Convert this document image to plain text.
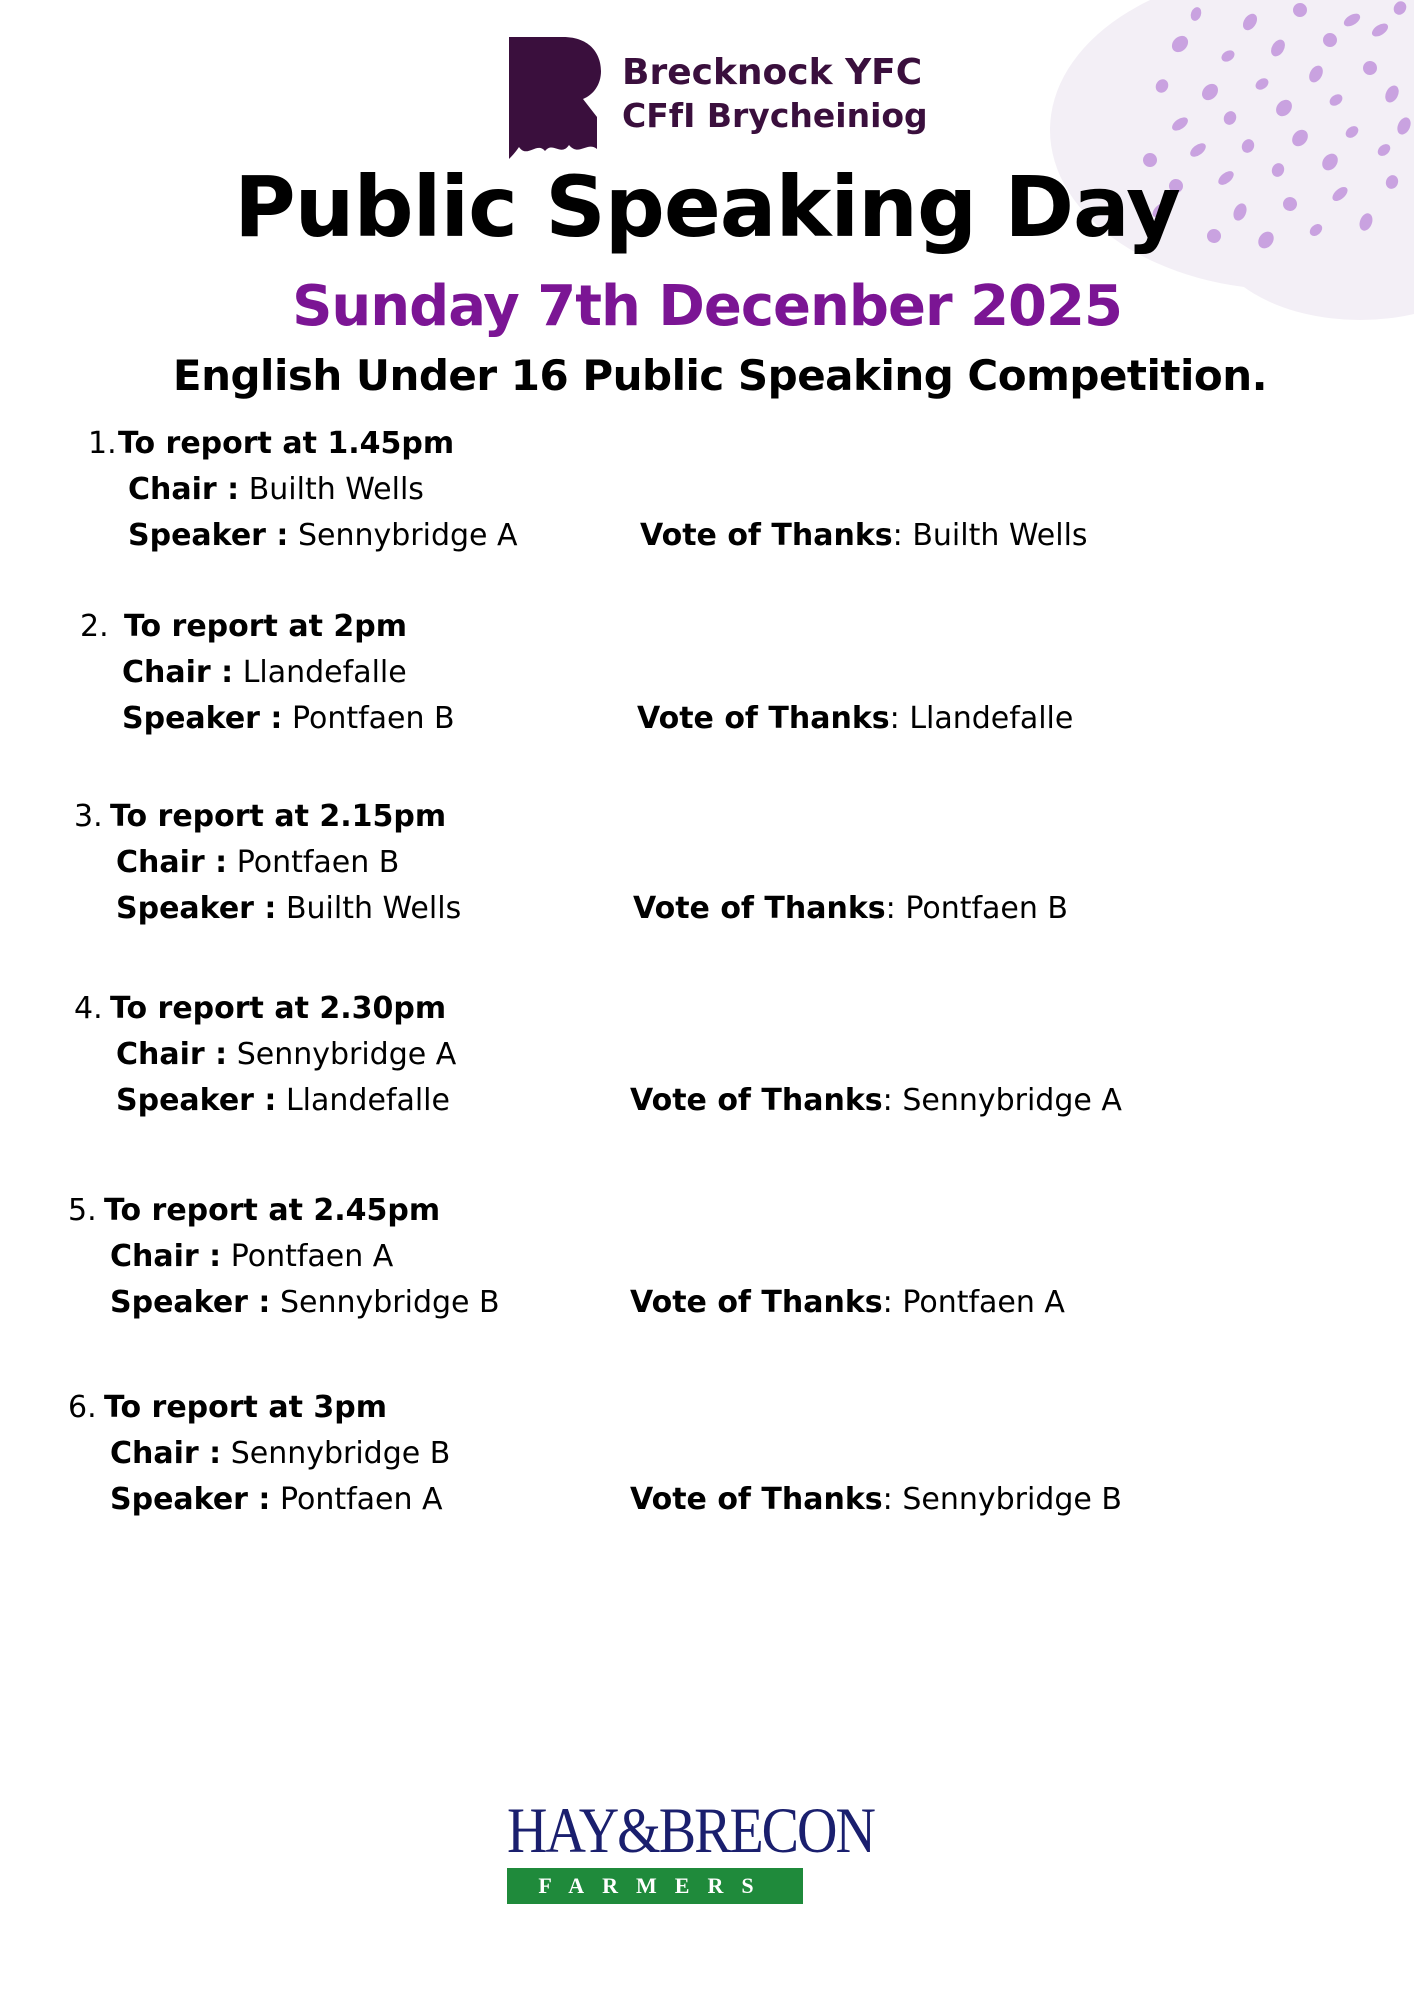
Brecknock YFC
CFfI Brycheiniog
Public Speaking Day
Sunday 7th Decenber 2025
English Under 16 Public Speaking Competition.
1. To report at 1.45pm
Chair : Builth Wells
Speaker : Sennybridge A	Vote of Thanks: Builth Wells
2. To report at 2pm
Chair : Llandefalle
Speaker : Pontfaen B	Vote of Thanks: Llandefalle
3. To report at 2.15pm
Chair : Pontfaen B
Speaker : Builth Wells	Vote of Thanks: Pontfaen B
4. To report at 2.30pm
Chair : Sennybridge A
Speaker : Llandefalle	Vote of Thanks: Sennybridge A
5. To report at 2.45pm
Chair : Pontfaen A
Speaker : Sennybridge B	Vote of Thanks: Pontfaen A
6. To report at 3pm
Chair : Sennybridge B
Speaker : Pontfaen A	Vote of Thanks: Sennybridge B
HAY&BRECON
FARMERS
